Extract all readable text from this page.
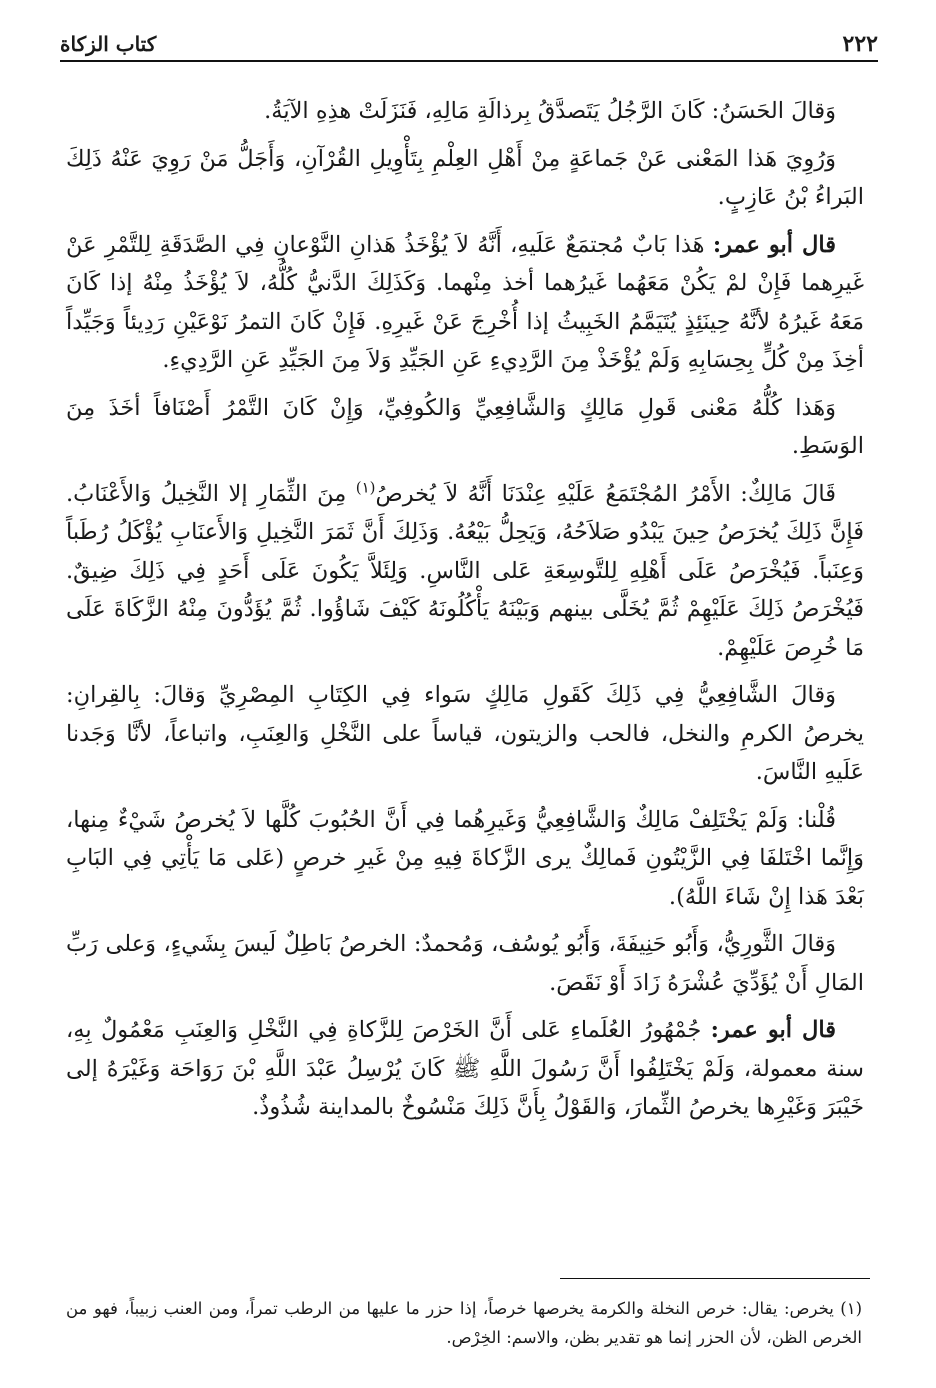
٢٢٢
كتاب الزكاة

وَقالَ الحَسَنُ: كَانَ الرَّجُلُ يَتَصدَّقُ بِرذالَةِ مَالِهِ، فَنَزَلَتْ هذِهِ الآيَةُ.

وَرُوِيَ هَذا المَعْنى عَنْ جَماعَةٍ مِنْ أَهْلِ العِلْمِ بِتَأْوِيلِ القُرْآنِ، وَأَجَلُّ مَنْ رَوِيَ عَنْهُ ذَلِكَ البَراءُ بْنُ عَازِبٍ.

قال أبو عمر: هَذا بَابٌ مُجتمَعٌ عَلَيهِ، أَنَّهُ لاَ يُؤْخَذُ هَذانِ النَّوْعانِ فِي الصَّدَقَةِ لِلتَّمْرِ عَنْ غَيرِهما فَإِنْ لمْ يَكُنْ مَعَهُما غَيرُهما أخذ مِنْهما. وَكَذَلِكَ الدَّنيُّ كُلُّهُ، لاَ يُؤْخَذُ مِنْهُ إذا كَانَ مَعَهُ غَيرُهُ لأنَّهُ حِينَئِذٍ يُتَيَمَّمُ الخَبِيثُ إذا أُخْرِجَ عَنْ غَيرِهِ. فَإِنْ كَانَ التمرُ نَوْعَيْنِ رَدِيئاً وَجَيِّداً أخِذَ مِنْ كُلٍّ بِحِسَابِهِ وَلَمْ يُؤْخَذْ مِنَ الرَّدِيءِ عَنِ الجَيِّدِ وَلاَ مِنَ الجَيِّدِ عَنِ الرَّدِيءِ.

وَهَذا كُلُّهُ مَعْنى قَولِ مَالِكٍ وَالشَّافِعِيِّ وَالكُوفِيِّ، وَإِنْ كَانَ التَّمْرُ أَصْنَافاً أخَذَ مِنَ الوَسَطِ.

قَالَ مَالِكٌ: الأَمْرُ المُجْتَمَعُ عَلَيْهِ عِنْدَنَا أَنَّهُ لاَ يُخرصُ$^{(١)}$ مِنَ الثِّمَارِ إلا النَّخِيلُ وَالأَعْنَابُ. فَإِنَّ ذَلِكَ يُخرَصُ حِينَ يَبْدُو صَلاَحُهُ، وَيَحِلُّ بَيْعُهُ. وَذَلِكَ أَنَّ ثَمَرَ النَّخِيلِ وَالأَعنَابِ يُؤْكَلُ رُطَباً وَعِنَباً. فَيُخْرَصُ عَلَى أَهْلِهِ لِلتَّوسِعَةِ عَلى النَّاسِ. وَلِئَلاَّ يَكُونَ عَلَى أَحَدٍ فِي ذَلِكَ ضِيقٌ. فَيُخْرَصُ ذَلِكَ عَلَيْهِمْ ثُمَّ يُخَلَّى بينهم وَبَيْنَهُ يَأْكُلُونَهُ كَيْفَ شَاؤُوا. ثُمَّ يُؤَدُّونَ مِنْهُ الزَّكَاةَ عَلَى مَا خُرِصَ عَلَيْهِمْ.

وَقالَ الشَّافِعِيُّ فِي ذَلِكَ كَقَولِ مَالِكٍ سَواء فِي الكِتَابِ المِصْرِيِّ وَقالَ: بِالقِرانِ: يخرصُ الكرمِ والنخل، فالحب والزيتون، قياساً على النَّخْلِ وَالعِنَبِ، واتباعاً، لأنَّا وَجَدنا عَلَيهِ النَّاسَ.

قُلْنا: وَلَمْ يَخْتَلِفْ مَالِكٌ وَالشَّافِعِيُّ وَغَيرِهُما فِي أَنَّ الحُبُوبَ كُلَّها لاَ يُخرصُ شَيْءٌ مِنها، وَإِنَّما اخْتَلفَا فِي الزَّيْتُونِ فَمالِكٌ يرى الزَّكاةَ فِيهِ مِنْ غَيرِ خرصٍ (عَلى مَا يَأْتِي فِي البَابِ بَعْدَ هَذا إِنْ شَاءَ اللَّهُ).

وَقالَ الثَّورِيُّ، وَأَبُو حَنِيفَةَ، وَأَبُو يُوسُف، وَمُحمدٌ: الخرصُ بَاطِلٌ لَيسَ بِشَيءٍ، وَعلى رَبِّ المَالِ أَنْ يُؤَدِّيَ عُشْرَهُ زَادَ أَوْ نَقَصَ.

قال أبو عمر: جُمْهُورُ العُلَماءِ عَلى أَنَّ الخَرْصَ لِلزَّكاةِ فِي النَّخْلِ وَالعِنَبِ مَعْمُولٌ بِهِ، سنة معمولة، وَلَمْ يَخْتَلِفُوا أَنَّ رَسُولَ اللَّهِ ﷺ كَانَ يُرْسِلُ عَبْدَ اللَّهِ بْنَ رَوَاحَة وَغَيْرَهُ إلى خَيْبَرَ وَغَيْرِها يخرصُ الثِّمارَ، وَالقَوْلُ بِأَنَّ ذَلِكَ مَنْسُوخٌ بالمداينة شُذُوذٌ.

(١) يخرص: يقال: خرص النخلة والكرمة يخرصها خرصاً، إذا حزر ما عليها من الرطب تمراً، ومن العنب زبيباً، فهو من الخرص الظن، لأن الحزر إنما هو تقدير بظن، والاسم: الخِرْص.
